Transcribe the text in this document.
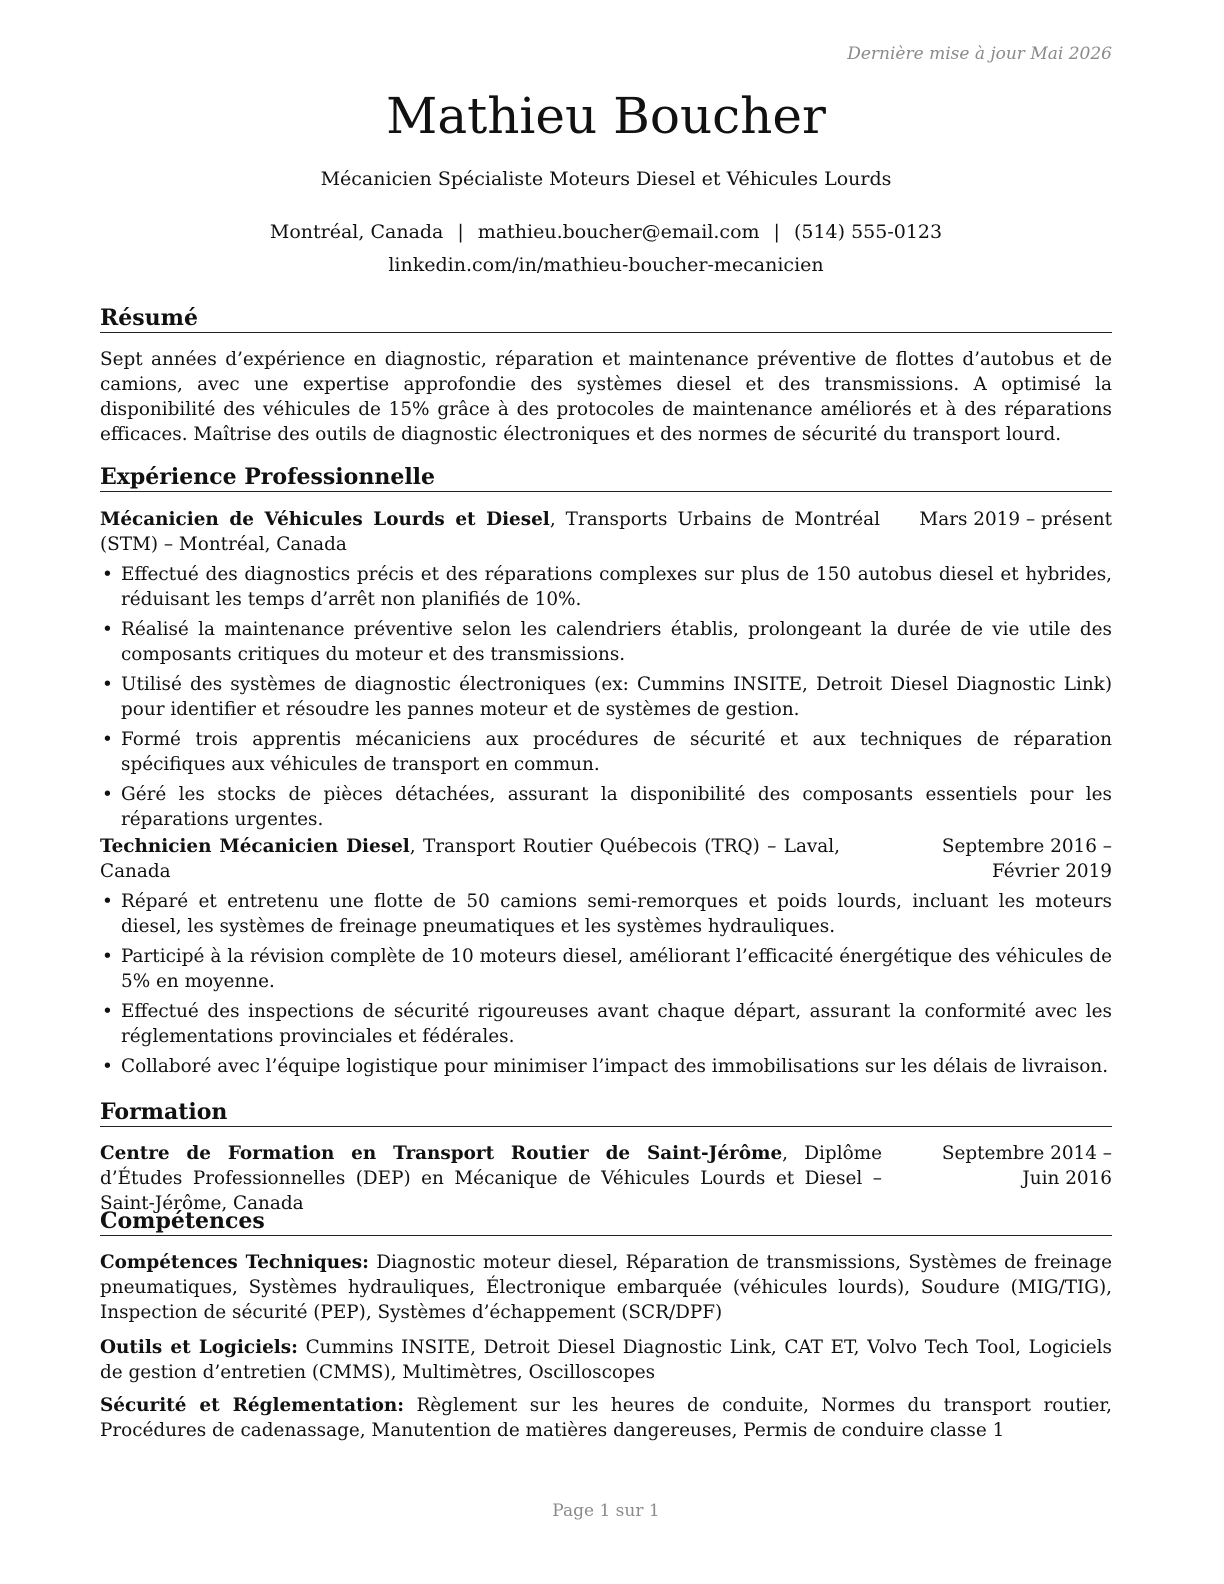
Dernière mise à jour Mai 2026
Mathieu Boucher
Mécanicien Spécialiste Moteurs Diesel et Véhicules Lourds
Montréal, Canada | mathieu.boucher@email.com | (514) 555-0123
linkedin.com/in/mathieu-boucher-mecanicien
Résumé
Sept années d’expérience en diagnostic, réparation et maintenance préventive de flottes d’autobus et de camions, avec une expertise approfondie des systèmes diesel et des transmissions. A optimisé la disponibilité des véhicules de 15% grâce à des protocoles de maintenance améliorés et à des réparations efficaces. Maîtrise des outils de diagnostic électroniques et des normes de sécurité du transport lourd.
Expérience Professionnelle
Mécanicien de Véhicules Lourds et Diesel, Transports Urbains de Montréal (STM) – Montréal, Canada
Mars 2019 – présent
• Effectué des diagnostics précis et des réparations complexes sur plus de 150 autobus diesel et hybrides, réduisant les temps d’arrêt non planifiés de 10%.
• Réalisé la maintenance préventive selon les calendriers établis, prolongeant la durée de vie utile des composants critiques du moteur et des transmissions.
• Utilisé des systèmes de diagnostic électroniques (ex: Cummins INSITE, Detroit Diesel Diagnostic Link) pour identifier et résoudre les pannes moteur et de systèmes de gestion.
• Formé trois apprentis mécaniciens aux procédures de sécurité et aux techniques de réparation spécifiques aux véhicules de transport en commun.
• Géré les stocks de pièces détachées, assurant la disponibilité des composants essentiels pour les réparations urgentes.
Technicien Mécanicien Diesel, Transport Routier Québecois (TRQ) – Laval, Canada
Septembre 2016 – Février 2019
• Réparé et entretenu une flotte de 50 camions semi-remorques et poids lourds, incluant les moteurs diesel, les systèmes de freinage pneumatiques et les systèmes hydrauliques.
• Participé à la révision complète de 10 moteurs diesel, améliorant l’efficacité énergétique des véhicules de 5% en moyenne.
• Effectué des inspections de sécurité rigoureuses avant chaque départ, assurant la conformité avec les réglementations provinciales et fédérales.
• Collaboré avec l’équipe logistique pour minimiser l’impact des immobilisations sur les délais de livraison.
Formation
Centre de Formation en Transport Routier de Saint-Jérôme, Diplôme d’Études Professionnelles (DEP) en Mécanique de Véhicules Lourds et Diesel – Saint-Jérôme, Canada
Septembre 2014 – Juin 2016
Compétences
Compétences Techniques: Diagnostic moteur diesel, Réparation de transmissions, Systèmes de freinage pneumatiques, Systèmes hydrauliques, Électronique embarquée (véhicules lourds), Soudure (MIG/TIG), Inspection de sécurité (PEP), Systèmes d’échappement (SCR/DPF)
Outils et Logiciels: Cummins INSITE, Detroit Diesel Diagnostic Link, CAT ET, Volvo Tech Tool, Logiciels de gestion d’entretien (CMMS), Multimètres, Oscilloscopes
Sécurité et Réglementation: Règlement sur les heures de conduite, Normes du transport routier, Procédures de cadenassage, Manutention de matières dangereuses, Permis de conduire classe 1
Page 1 sur 1
